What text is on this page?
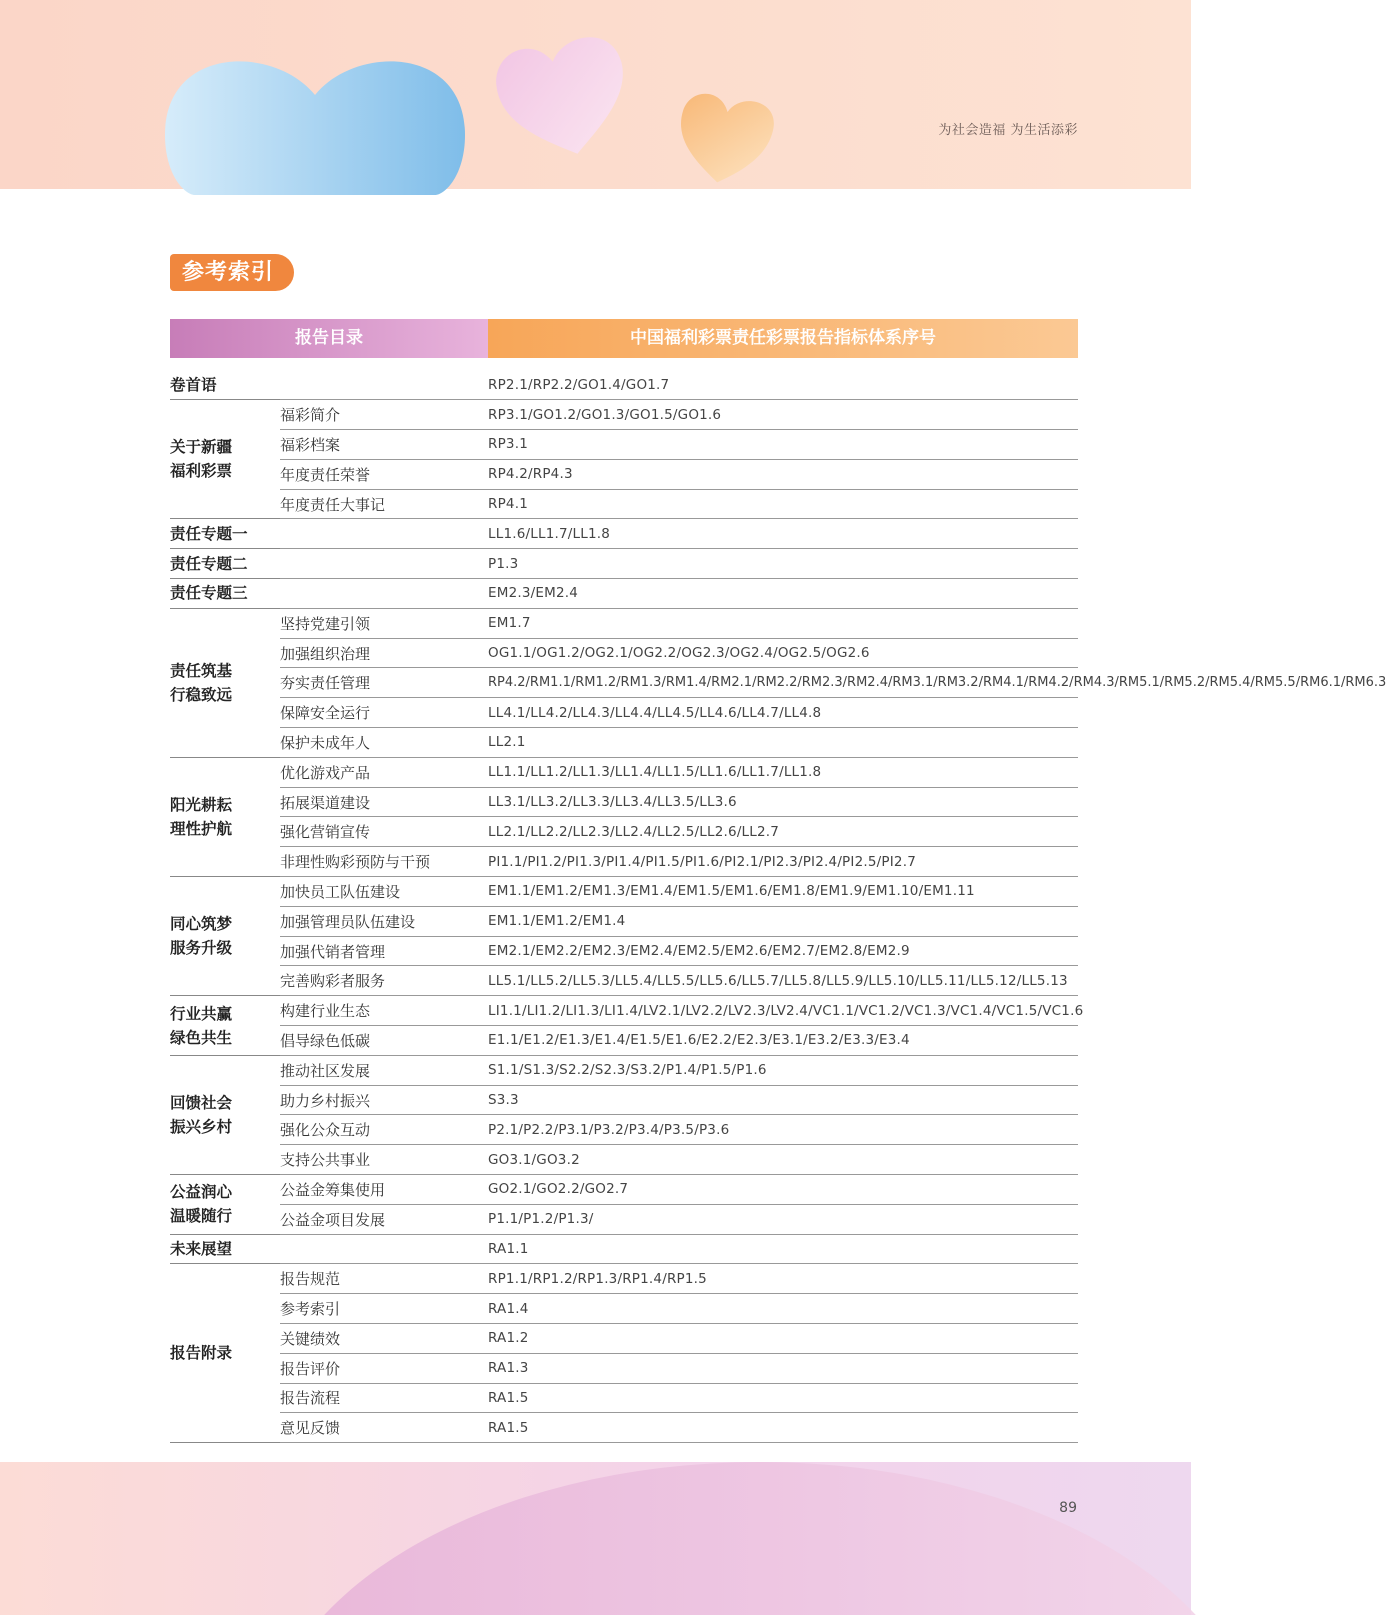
为社会造福 为生活添彩
参考索引
报告目录	中国福利彩票责任彩票报告指标体系序号
卷首语		RP2.1/RP2.2/GO1.4/GO1.7
关于新疆
福利彩票	福彩简介	RP3.1/GO1.2/GO1.3/GO1.5/GO1.6
	福彩档案	RP3.1
	年度责任荣誉	RP4.2/RP4.3
	年度责任大事记	RP4.1
责任专题一		LL1.6/LL1.7/LL1.8
责任专题二		P1.3
责任专题三		EM2.3/EM2.4
责任筑基
行稳致远	坚持党建引领	EM1.7
	加强组织治理	OG1.1/OG1.2/OG2.1/OG2.2/OG2.3/OG2.4/OG2.5/OG2.6
	夯实责任管理	RP4.2/RM1.1/RM1.2/RM1.3/RM1.4/RM2.1/RM2.2/RM2.3/RM2.4/RM3.1/RM3.2/RM4.1/RM4.2/RM4.3/RM5.1/RM5.2/RM5.4/RM5.5/RM6.1/RM6.3
	保障安全运行	LL4.1/LL4.2/LL4.3/LL4.4/LL4.5/LL4.6/LL4.7/LL4.8
	保护未成年人	LL2.1
阳光耕耘
理性护航	优化游戏产品	LL1.1/LL1.2/LL1.3/LL1.4/LL1.5/LL1.6/LL1.7/LL1.8
	拓展渠道建设	LL3.1/LL3.2/LL3.3/LL3.4/LL3.5/LL3.6
	强化营销宣传	LL2.1/LL2.2/LL2.3/LL2.4/LL2.5/LL2.6/LL2.7
	非理性购彩预防与干预	PI1.1/PI1.2/PI1.3/PI1.4/PI1.5/PI1.6/PI2.1/PI2.3/PI2.4/PI2.5/PI2.7
同心筑梦
服务升级	加快员工队伍建设	EM1.1/EM1.2/EM1.3/EM1.4/EM1.5/EM1.6/EM1.8/EM1.9/EM1.10/EM1.11
	加强管理员队伍建设	EM1.1/EM1.2/EM1.4
	加强代销者管理	EM2.1/EM2.2/EM2.3/EM2.4/EM2.5/EM2.6/EM2.7/EM2.8/EM2.9
	完善购彩者服务	LL5.1/LL5.2/LL5.3/LL5.4/LL5.5/LL5.6/LL5.7/LL5.8/LL5.9/LL5.10/LL5.11/LL5.12/LL5.13
行业共赢
绿色共生	构建行业生态	LI1.1/LI1.2/LI1.3/LI1.4/LV2.1/LV2.2/LV2.3/LV2.4/VC1.1/VC1.2/VC1.3/VC1.4/VC1.5/VC1.6
	倡导绿色低碳	E1.1/E1.2/E1.3/E1.4/E1.5/E1.6/E2.2/E2.3/E3.1/E3.2/E3.3/E3.4
回馈社会
振兴乡村	推动社区发展	S1.1/S1.3/S2.2/S2.3/S3.2/P1.4/P1.5/P1.6
	助力乡村振兴	S3.3
	强化公众互动	P2.1/P2.2/P3.1/P3.2/P3.4/P3.5/P3.6
	支持公共事业	GO3.1/GO3.2
公益润心
温暖随行	公益金筹集使用	GO2.1/GO2.2/GO2.7
	公益金项目发展	P1.1/P1.2/P1.3/
未来展望		RA1.1
报告附录	报告规范	RP1.1/RP1.2/RP1.3/RP1.4/RP1.5
	参考索引	RA1.4
	关键绩效	RA1.2
	报告评价	RA1.3
	报告流程	RA1.5
	意见反馈	RA1.5
89
